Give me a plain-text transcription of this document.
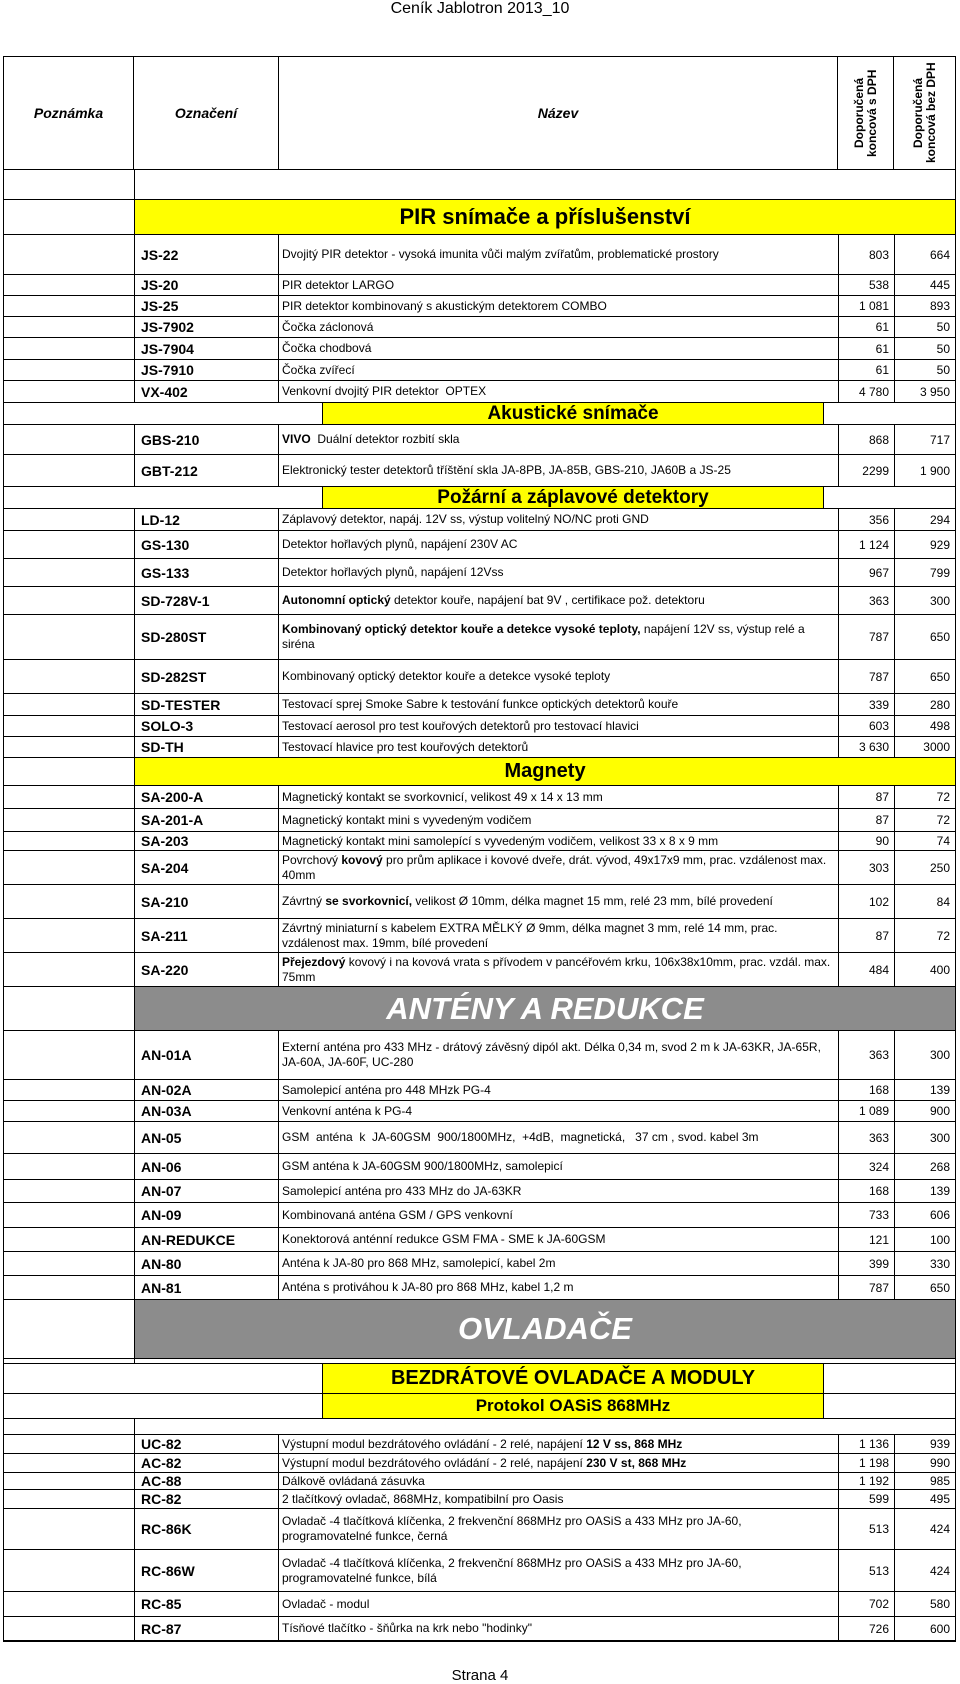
Ceník Jablotron 2013_10
Poznámka	Označení	Název	Doporučená koncová s DPH	Doporučená koncová bez DPH
PIR snímače a příslušenství
JS-22	Dvojitý PIR detektor - vysoká imunita vůči malým zvířatům, problematické prostory	803	664
JS-20	PIR detektor LARGO	538	445
JS-25	PIR detektor kombinovaný s akustickým detektorem COMBO	1 081	893
JS-7902	Čočka záclonová	61	50
JS-7904	Čočka chodbová	61	50
JS-7910	Čočka zvířecí	61	50
VX-402	Venkovní dvojitý PIR detektor  OPTEX	4 780	3 950
Akustické snímače
GBS-210	VIVO  Duální detektor rozbití skla	868	717
GBT-212	Elektronický tester detektorů tříštění skla JA-8PB, JA-85B, GBS-210, JA60B a JS-25	2299	1 900
Požární a záplavové detektory
LD-12	Záplavový detektor, napáj. 12V ss, výstup volitelný NO/NC proti GND	356	294
GS-130	Detektor hořlavých plynů, napájení 230V AC	1 124	929
GS-133	Detektor hořlavých plynů, napájení 12Vss	967	799
SD-728V-1	Autonomní optický detektor kouře, napájení bat 9V , certifikace pož. detektoru	363	300
SD-280ST	Kombinovaný optický detektor kouře a detekce vysoké teploty, napájení 12V ss, výstup relé a siréna	787	650
SD-282ST	Kombinovaný optický detektor kouře a detekce vysoké teploty	787	650
SD-TESTER	Testovací sprej Smoke Sabre k testování funkce optických detektorů kouře	339	280
SOLO-3	Testovací aerosol pro test kouřových detektorů pro testovací hlavici	603	498
SD-TH	Testovací hlavice pro test kouřových detektorů	3 630	3000
Magnety
SA-200-A	Magnetický kontakt se svorkovnicí, velikost 49 x 14 x 13 mm	87	72
SA-201-A	Magnetický kontakt mini s vyvedeným vodičem	87	72
SA-203	Magnetický kontakt mini samolepící s vyvedeným vodičem, velikost 33 x 8 x 9 mm	90	74
SA-204	Povrchový kovový pro prům aplikace i kovové dveře, drát. vývod, 49x17x9 mm, prac. vzdálenost max. 40mm	303	250
SA-210	Závrtný se svorkovnicí, velikost Ø 10mm, délka magnet 15 mm, relé 23 mm, bílé provedení	102	84
SA-211	Závrtný miniaturní s kabelem EXTRA MĚLKÝ Ø 9mm, délka magnet 3 mm, relé 14 mm, prac. vzdálenost max. 19mm, bílé provedení	87	72
SA-220	Přejezdový kovový i na kovová vrata s přívodem v pancéřovém krku, 106x38x10mm, prac. vzdál. max. 75mm	484	400
ANTÉNY A REDUKCE
AN-01A	Externí anténa pro 433 MHz - drátový závěsný dipól akt. Délka 0,34 m, svod 2 m k JA-63KR, JA-65R, JA-60A, JA-60F, UC-280	363	300
AN-02A	Samolepicí anténa pro 448 MHzk PG-4	168	139
AN-03A	Venkovní anténa k PG-4	1 089	900
AN-05	GSM  anténa  k  JA-60GSM  900/1800MHz,  +4dB,  magnetická,   37 cm , svod. kabel 3m	363	300
AN-06	GSM anténa k JA-60GSM 900/1800MHz, samolepicí	324	268
AN-07	Samolepicí anténa pro 433 MHz do JA-63KR	168	139
AN-09	Kombinovaná anténa GSM / GPS venkovní	733	606
AN-REDUKCE	Konektorová anténní redukce GSM FMA - SME k JA-60GSM	121	100
AN-80	Anténa k JA-80 pro 868 MHz, samolepicí, kabel 2m	399	330
AN-81	Anténa s protiváhou k JA-80 pro 868 MHz, kabel 1,2 m	787	650
OVLADAČE
BEZDRÁTOVÉ OVLADAČE A MODULY
Protokol OASiS 868MHz
UC-82	Výstupní modul bezdrátového ovládání - 2 relé, napájení 12 V ss, 868 MHz	1 136	939
AC-82	Výstupní modul bezdrátového ovládání - 2 relé, napájení 230 V st, 868 MHz	1 198	990
AC-88	Dálkově ovládaná zásuvka	1 192	985
RC-82	2 tlačítkový ovladač, 868MHz, kompatibilní pro Oasis	599	495
RC-86K	Ovladač -4 tlačítková klíčenka, 2 frekvenční 868MHz pro OASiS a 433 MHz pro JA-60, programovatelné funkce, černá	513	424
RC-86W	Ovladač -4 tlačítková klíčenka, 2 frekvenční 868MHz pro OASiS a 433 MHz pro JA-60, programovatelné funkce, bílá	513	424
RC-85	Ovladač - modul	702	580
RC-87	Tísňové tlačítko - šňůrka na krk nebo "hodinky"	726	600
Strana 4
